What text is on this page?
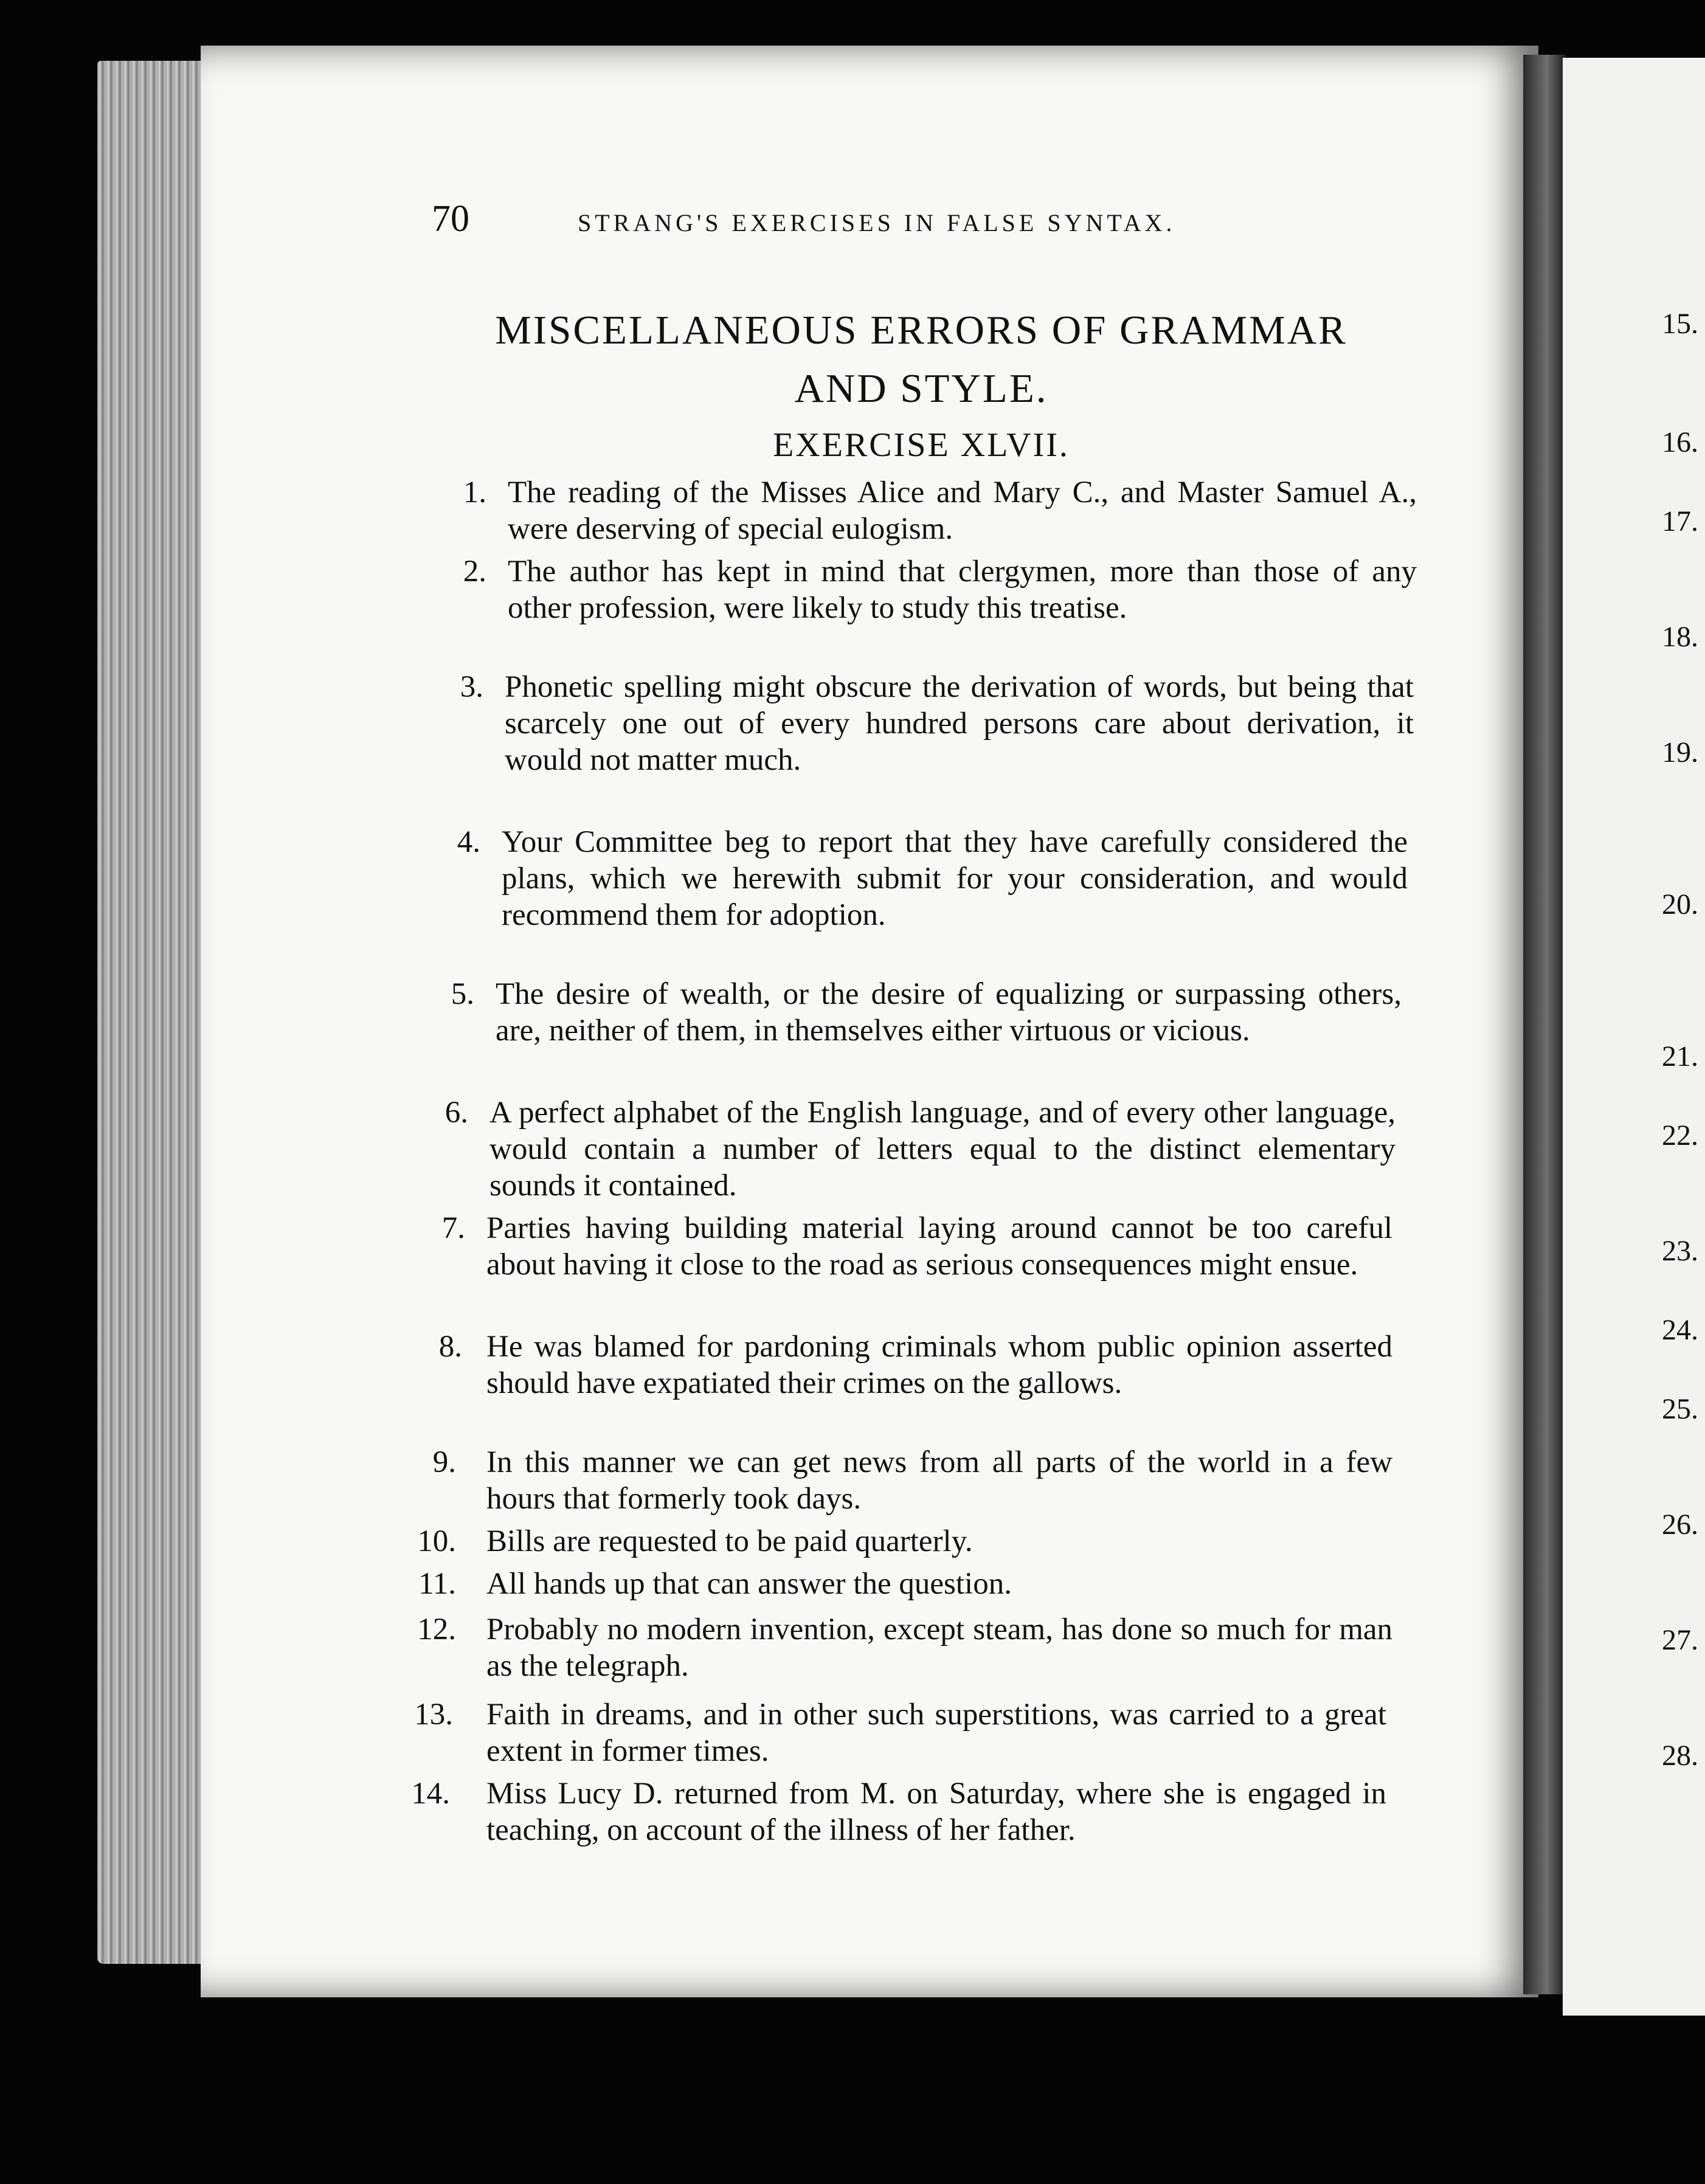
70	STRANG'S EXERCISES IN FALSE SYNTAX.
MISCELLANEOUS ERRORS OF GRAMMAR
AND STYLE.
EXERCISE XLVII.
1. The reading of the Misses Alice and Mary C., and Master Samuel A., were deserving of special eulogism.
2. The author has kept in mind that clergymen, more than those of any other profession, were likely to study this treatise.
3. Phonetic spelling might obscure the derivation of words, but being that scarcely one out of every hundred persons care about derivation, it would not matter much.
4. Your Committee beg to report that they have carefully considered the plans, which we herewith submit for your consideration, and would recommend them for adoption.
5. The desire of wealth, or the desire of equalizing or surpassing others, are, neither of them, in themselves either virtuous or vicious.
6. A perfect alphabet of the English language, and of every other language, would contain a number of letters equal to the distinct elementary sounds it contained.
7. Parties having building material laying around cannot be too careful about having it close to the road as serious consequences might ensue.
8. He was blamed for pardoning criminals whom public opinion asserted should have expatiated their crimes on the gallows.
9. In this manner we can get news from all parts of the world in a few hours that formerly took days.
10. Bills are requested to be paid quarterly.
11. All hands up that can answer the question.
12. Probably no modern invention, except steam, has done so much for man as the telegraph.
13. Faith in dreams, and in other such superstitions, was carried to a great extent in former times.
14. Miss Lucy D. returned from M. on Saturday, where she is engaged in teaching, on account of the illness of her father.
15.
16.
17.
18.
19.
20.
21.
22.
23.
24.
25.
26.
27.
28.
